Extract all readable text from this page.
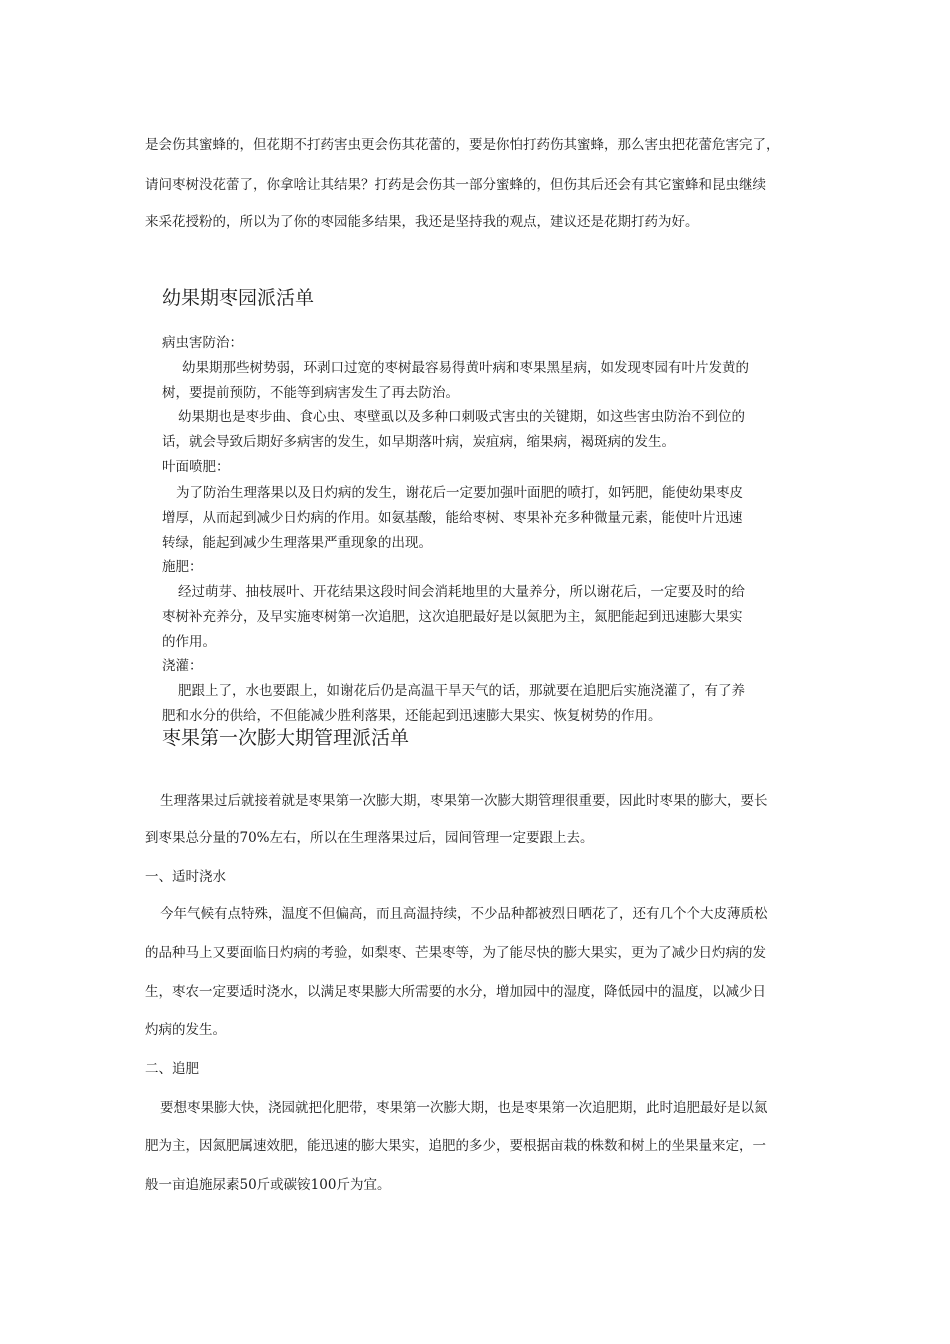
是会伤其蜜蜂的，但花期不打药害虫更会伤其花蕾的，要是你怕打药伤其蜜蜂，那么害虫把花蕾危害完了，
请问枣树没花蕾了，你拿啥让其结果？打药是会伤其一部分蜜蜂的，但伤其后还会有其它蜜蜂和昆虫继续
来采花授粉的，所以为了你的枣园能多结果，我还是坚持我的观点，建议还是花期打药为好。
幼果期枣园派活单
病虫害防治：
幼果期那些树势弱，环剥口过宽的枣树最容易得黄叶病和枣果黑星病，如发现枣园有叶片发黄的
树，要提前预防，不能等到病害发生了再去防治。
幼果期也是枣步曲、食心虫、枣壁虱以及多种口刺吸式害虫的关键期，如这些害虫防治不到位的
话，就会导致后期好多病害的发生，如早期落叶病，炭疽病，缩果病，褐斑病的发生。
叶面喷肥：
为了防治生理落果以及日灼病的发生，谢花后一定要加强叶面肥的喷打，如钙肥，能使幼果枣皮
增厚，从而起到减少日灼病的作用。如氨基酸，能给枣树、枣果补充多种微量元素，能使叶片迅速
转绿，能起到减少生理落果严重现象的出现。
施肥：
经过萌芽、抽枝展叶、开花结果这段时间会消耗地里的大量养分，所以谢花后，一定要及时的给
枣树补充养分，及早实施枣树第一次追肥，这次追肥最好是以氮肥为主，氮肥能起到迅速膨大果实
的作用。
浇灌：
肥跟上了，水也要跟上，如谢花后仍是高温干旱天气的话，那就要在追肥后实施浇灌了，有了养
肥和水分的供给，不但能减少胜利落果，还能起到迅速膨大果实、恢复树势的作用。
枣果第一次膨大期管理派活单
生理落果过后就接着就是枣果第一次膨大期，枣果第一次膨大期管理很重要，因此时枣果的膨大，要长
到枣果总分量的70%左右，所以在生理落果过后，园间管理一定要跟上去。
一、适时浇水
今年气候有点特殊，温度不但偏高，而且高温持续，不少品种都被烈日晒花了，还有几个个大皮薄质松
的品种马上又要面临日灼病的考验，如梨枣、芒果枣等，为了能尽快的膨大果实，更为了减少日灼病的发
生，枣农一定要适时浇水，以满足枣果膨大所需要的水分，增加园中的湿度，降低园中的温度，以减少日
灼病的发生。
二、追肥
要想枣果膨大快，浇园就把化肥带，枣果第一次膨大期，也是枣果第一次追肥期，此时追肥最好是以氮
肥为主，因氮肥属速效肥，能迅速的膨大果实，追肥的多少，要根据亩栽的株数和树上的坐果量来定，一
般一亩追施尿素50斤或碳铵100斤为宜。
